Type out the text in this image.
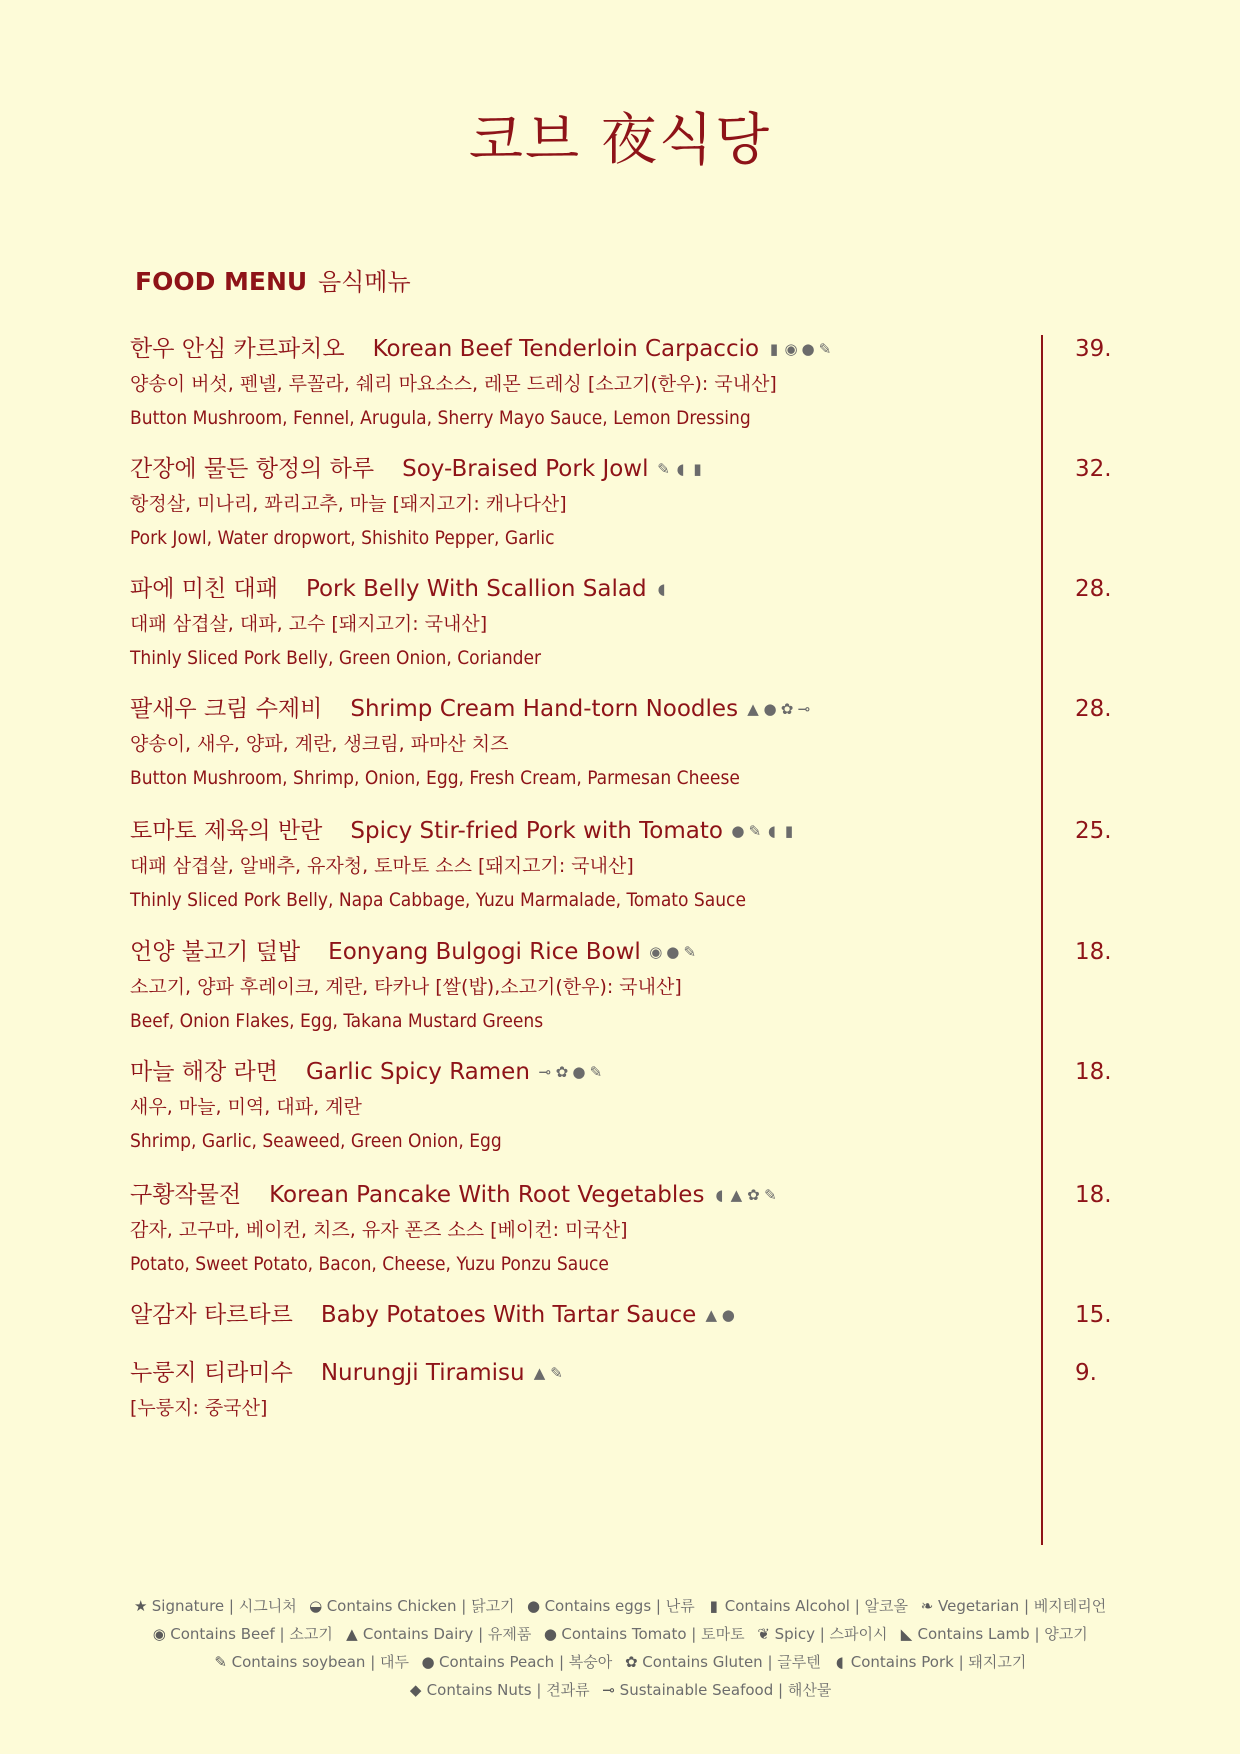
코브 夜식당
FOOD MENU 음식메뉴
한우 안심 카르파치오 Korean Beef Tenderloin Carpaccio ▮ ◉ ● ✎
양송이 버섯, 펜넬, 루꼴라, 쉐리 마요소스, 레몬 드레싱 [소고기(한우): 국내산]
Button Mushroom, Fennel, Arugula, Sherry Mayo Sauce, Lemon Dressing
39.
간장에 물든 항정의 하루 Soy-Braised Pork Jowl ✎ ◖ ▮
항정살, 미나리, 꽈리고추, 마늘 [돼지고기: 캐나다산]
Pork Jowl, Water dropwort, Shishito Pepper, Garlic
32.
파에 미친 대패 Pork Belly With Scallion Salad ◖
대패 삼겹살, 대파, 고수 [돼지고기: 국내산]
Thinly Sliced Pork Belly, Green Onion, Coriander
28.
팔새우 크림 수제비 Shrimp Cream Hand-torn Noodles ▲ ● ✿ ⊸
양송이, 새우, 양파, 계란, 생크림, 파마산 치즈
Button Mushroom, Shrimp, Onion, Egg, Fresh Cream, Parmesan Cheese
28.
토마토 제육의 반란 Spicy Stir-fried Pork with Tomato ● ✎ ◖ ▮
대패 삼겹살, 알배추, 유자청, 토마토 소스 [돼지고기: 국내산]
Thinly Sliced Pork Belly, Napa Cabbage, Yuzu Marmalade, Tomato Sauce
25.
언양 불고기 덮밥 Eonyang Bulgogi Rice Bowl ◉ ● ✎
소고기, 양파 후레이크, 계란, 타카나 [쌀(밥),소고기(한우): 국내산]
Beef, Onion Flakes, Egg, Takana Mustard Greens
18.
마늘 해장 라면 Garlic Spicy Ramen ⊸ ✿ ● ✎
새우, 마늘, 미역, 대파, 계란
Shrimp, Garlic, Seaweed, Green Onion, Egg
18.
구황작물전 Korean Pancake With Root Vegetables ◖ ▲ ✿ ✎
감자, 고구마, 베이컨, 치즈, 유자 폰즈 소스 [베이컨: 미국산]
Potato, Sweet Potato, Bacon, Cheese, Yuzu Ponzu Sauce
18.
알감자 타르타르 Baby Potatoes With Tartar Sauce ▲ ●	15.
누룽지 티라미수 Nurungji Tiramisu ▲ ✎
[누룽지: 중국산]
9.
★ Signature | 시그니처 ◒ Contains Chicken | 닭고기 ● Contains eggs | 난류 ▮ Contains Alcohol | 알코올 ❧ Vegetarian | 베지테리언
◉ Contains Beef | 소고기 ▲ Contains Dairy | 유제품 ● Contains Tomato | 토마토 ❦ Spicy | 스파이시 ◣ Contains Lamb | 양고기
✎ Contains soybean | 대두 ● Contains Peach | 복숭아 ✿ Contains Gluten | 글루텐 ◖ Contains Pork | 돼지고기
◆ Contains Nuts | 견과류 ⊸ Sustainable Seafood | 해산물
